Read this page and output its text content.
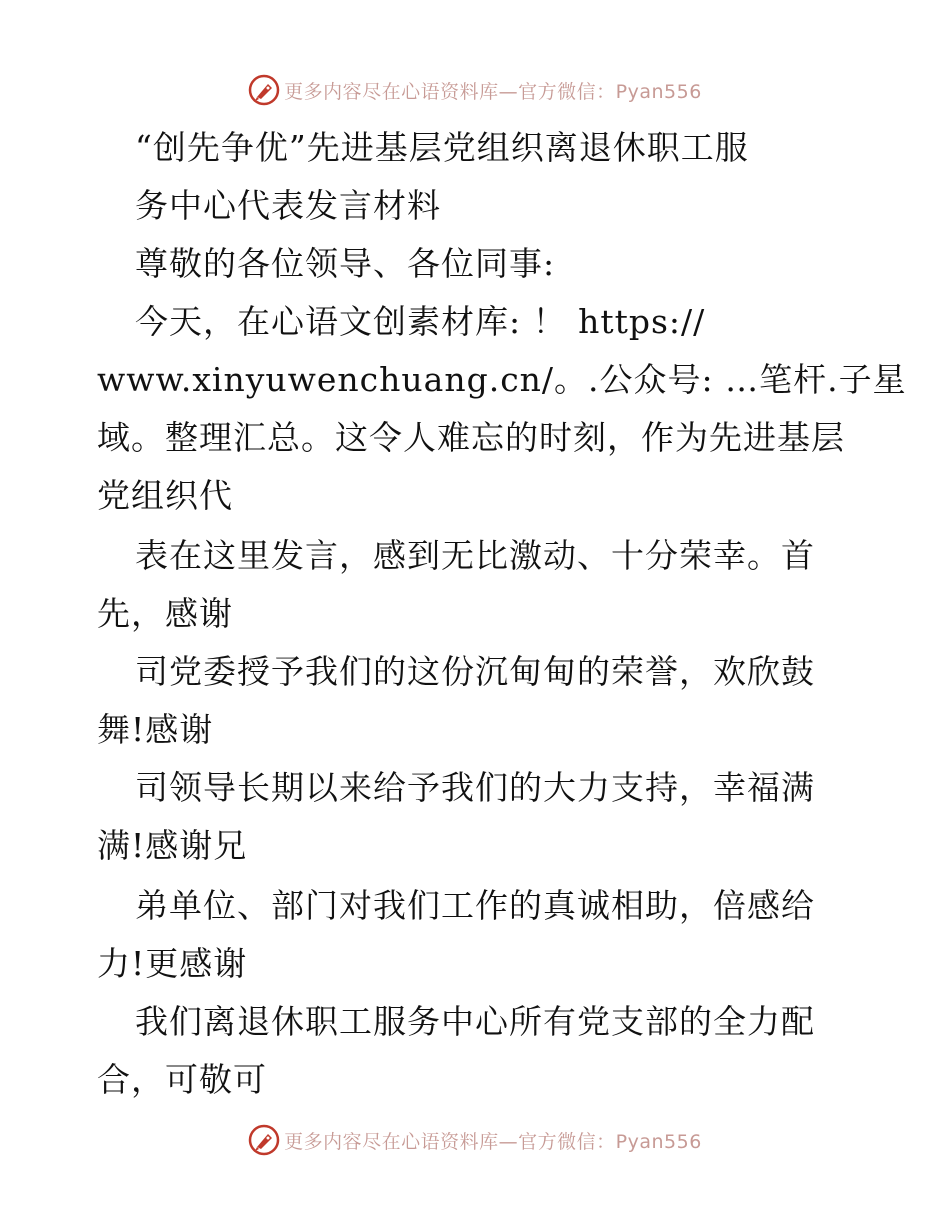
更多内容尽在心语资料库—官方微信：Pyan556
“创先争优”先进基层党组织离退休职工服
务中心代表发言材料
尊敬的各位领导、各位同事:
今天，在心语文创素材库: ！ https://
www.xinyuwenchuang.cn/。.公众号: …笔杆.子星
域。整理汇总。这令人难忘的时刻，作为先进基层
党组织代
表在这里发言，感到无比激动、十分荣幸。首
先，感谢
司党委授予我们的这份沉甸甸的荣誉，欢欣鼓
舞!感谢
司领导长期以来给予我们的大力支持，幸福满
满!感谢兄
弟单位、部门对我们工作的真诚相助，倍感给
力!更感谢
我们离退休职工服务中心所有党支部的全力配
合，可敬可
更多内容尽在心语资料库—官方微信：Pyan556
